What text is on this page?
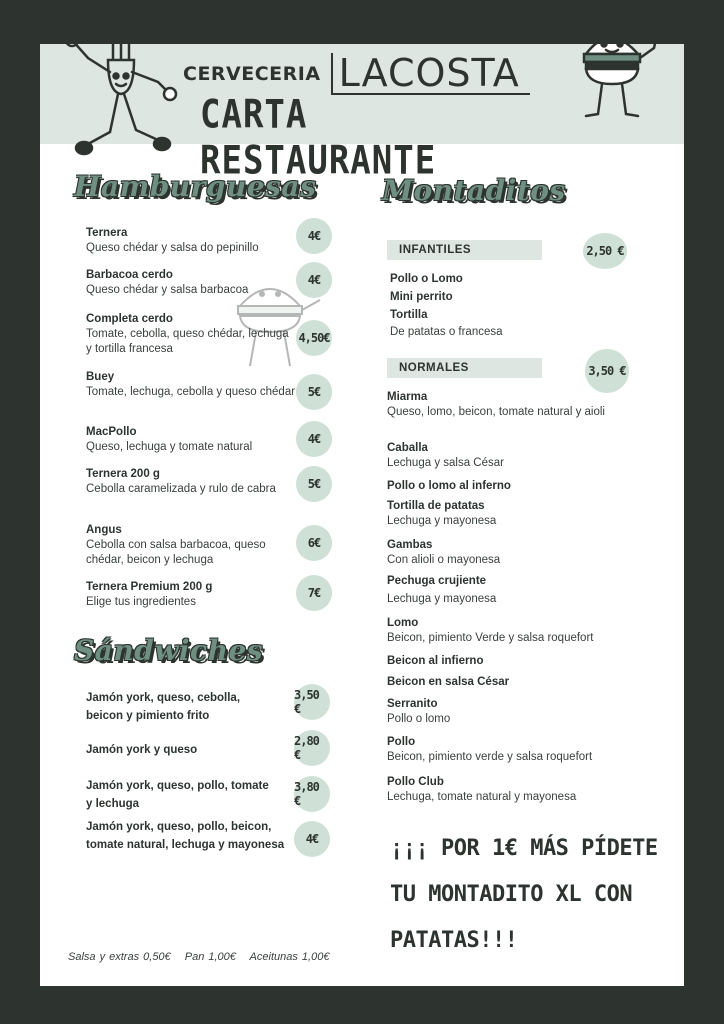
CERVECERIA LACOSTA
CARTA RESTAURANTE
Hamburguesas
Ternera
Queso chédar y salsa do pepinillo
4€
Barbacoa cerdo
Queso chédar y salsa barbacoa
4€
Completa cerdo
Tomate, cebolla, queso chédar, lechuga y tortilla francesa
4,50€
Buey
Tomate, lechuga, cebolla y queso chédar	5€
MacPollo
Queso, lechuga y tomate natural
4€
Ternera 200 g
Cebolla caramelizada y rulo de cabra	5€
Angus
Cebolla con salsa barbacoa, queso chédar, beicon y lechuga
6€
Ternera Premium 200 g
Elige tus ingredientes
7€
Sándwiches
Jamón york, queso, cebolla, beicon y pimiento frito
3,50 €
Jamón york y queso
2,80 €
Jamón york, queso, pollo, tomate y lechuga
3,80 €
Jamón york, queso, pollo, beicon, tomate natural, lechuga y mayonesa	4€
Montaditos
INFANTILES	2,50 €
Pollo o Lomo
Mini perrito
Tortilla
De patatas o francesa
NORMALES	3,50 €
Miarma
Queso, lomo, beicon, tomate natural y aioli
Caballa
Lechuga y salsa César
Pollo o lomo al inferno
Tortilla de patatas
Lechuga y mayonesa
Gambas
Con alioli o mayonesa
Pechuga crujiente
Lechuga y mayonesa
Lomo
Beicon, pimiento Verde y salsa roquefort
Beicon al infierno
Beicon en salsa César
Serranito
Pollo o lomo
Pollo
Beicon, pimiento verde y salsa roquefort
Pollo Club
Lechuga, tomate natural y mayonesa
¡¡¡ POR 1€ MÁS PÍDETE
TU MONTADITO XL CON
PATATAS!!!
Salsa y extras 0,50€ Pan 1,00€ Aceitunas 1,00€
